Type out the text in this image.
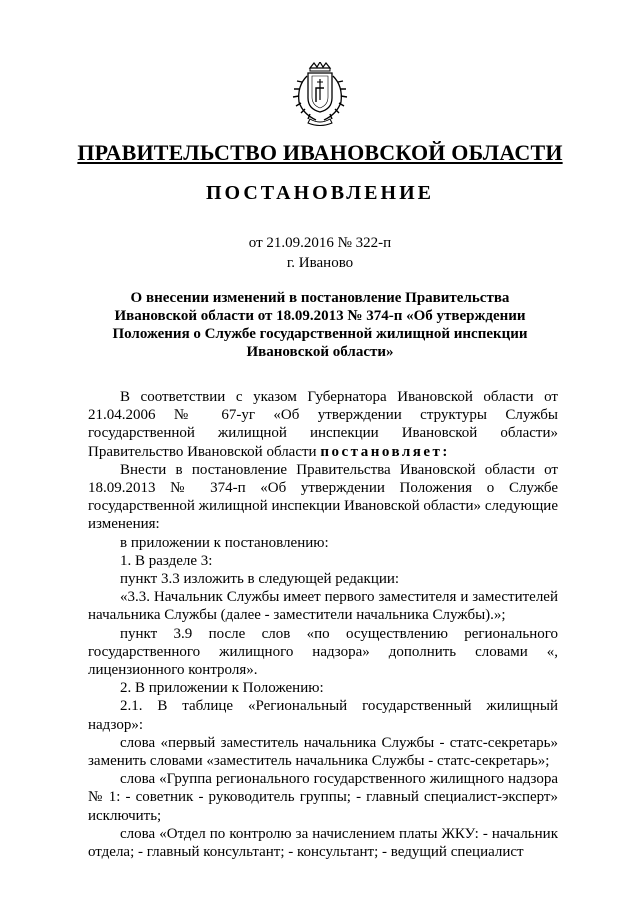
ПРАВИТЕЛЬСТВО ИВАНОВСКОЙ ОБЛАСТИ
ПОСТАНОВЛЕНИЕ
от 21.09.2016 № 322-п
г. Иваново
О внесении изменений в постановление Правительства
Ивановской области от 18.09.2013 № 374-п «Об утверждении
Положения о Службе государственной жилищной инспекции
Ивановской области»

В соответствии с указом Губернатора Ивановской области от 21.04.2006 № 67-уг «Об утверждении структуры Службы государственной жилищной инспекции Ивановской области» Правительство Ивановской области постановляет:

Внести в постановление Правительства Ивановской области от 18.09.2013 № 374-п «Об утверждении Положения о Службе государственной жилищной инспекции Ивановской области» следующие изменения:

в приложении к постановлению:

1. В разделе 3:

пункт 3.3 изложить в следующей редакции:

«3.3. Начальник Службы имеет первого заместителя и заместителей начальника Службы (далее - заместители начальника Службы).»;

пункт 3.9 после слов «по осуществлению регионального государственного жилищного надзора» дополнить словами «, лицензионного контроля».

2. В приложении к Положению:

2.1. В таблице «Региональный государственный жилищный надзор»:

слова «первый заместитель начальника Службы - статс-секретарь» заменить словами «заместитель начальника Службы - статс-секретарь»;

слова «Группа регионального государственного жилищного надзора № 1: - советник - руководитель группы; - главный специалист-эксперт» исключить;

слова «Отдел по контролю за начислением платы ЖКУ: - начальник отдела; - главный консультант; - консультант; - ведущий специалист
